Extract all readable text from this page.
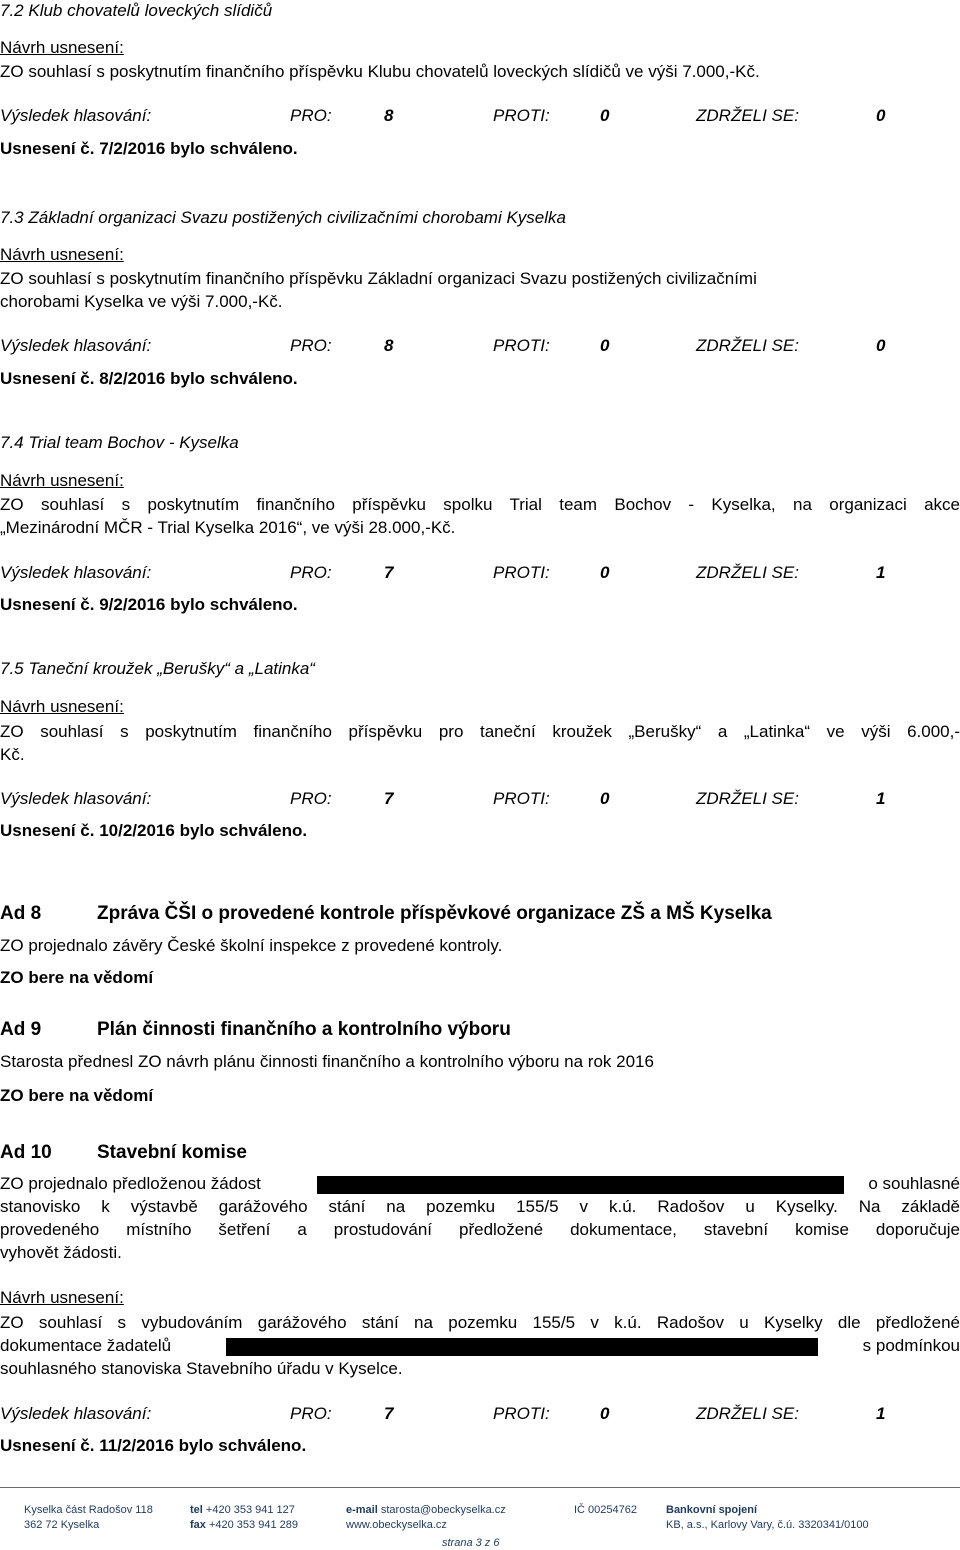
7.2 Klub chovatelů loveckých slídičů
Návrh usnesení:
ZO souhlasí s poskytnutím finančního příspěvku Klubu chovatelů loveckých slídičů ve výši 7.000,-Kč.
Výsledek hlasování:	PRO:	8	PROTI:	0	ZDRŽELI SE:	0
Usnesení č. 7/2/2016 bylo schváleno.
7.3 Základní organizaci Svazu postižených civilizačními chorobami Kyselka
Návrh usnesení:
ZO souhlasí s poskytnutím finančního příspěvku Základní organizaci Svazu postižených civilizačními
chorobami Kyselka ve výši 7.000,-Kč.
Výsledek hlasování:	PRO:	8	PROTI:	0	ZDRŽELI SE:	0
Usnesení č. 8/2/2016 bylo schváleno.
7.4 Trial team Bochov - Kyselka
Návrh usnesení:
ZO souhlasí s poskytnutím finančního příspěvku spolku Trial team Bochov - Kyselka, na organizaci akce
„Mezinárodní MČR - Trial Kyselka 2016“, ve výši 28.000,-Kč.
Výsledek hlasování:	PRO:	7	PROTI:	0	ZDRŽELI SE:	1
Usnesení č. 9/2/2016 bylo schváleno.
7.5 Taneční kroužek „Berušky“ a „Latinka“
Návrh usnesení:
ZO souhlasí s poskytnutím finančního příspěvku pro taneční kroužek „Berušky“ a „Latinka“ ve výši 6.000,-
Kč.
Výsledek hlasování:	PRO:	7	PROTI:	0	ZDRŽELI SE:	1
Usnesení č. 10/2/2016 bylo schváleno.
Ad 8	Zpráva ČŠI o provedené kontrole příspěvkové organizace ZŠ a MŠ Kyselka
ZO projednalo závěry České školní inspekce z provedené kontroly.
ZO bere na vědomí
Ad 9	Plán činnosti finančního a kontrolního výboru
Starosta přednesl ZO návrh plánu činnosti finančního a kontrolního výboru na rok 2016
ZO bere na vědomí
Ad 10 Stavební komise
ZO projednalo předloženou žádost	o souhlasné
stanovisko k výstavbě garážového stání na pozemku 155/5 v k.ú. Radošov u Kyselky. Na základě
provedeného místního šetření a prostudování předložené dokumentace, stavební komise doporučuje
vyhovět žádosti.
Návrh usnesení:
ZO souhlasí s vybudováním garážového stání na pozemku 155/5 v k.ú. Radošov u Kyselky dle předložené
dokumentace žadatelů	s podmínkou
souhlasného stanoviska Stavebního úřadu v Kyselce.
Výsledek hlasování:	PRO:	7	PROTI:	0	ZDRŽELI SE:	1
Usnesení č. 11/2/2016 bylo schváleno.
Kyselka část Radošov 118
362 72 Kyselka
tel +420 353 941 127
fax +420 353 941 289
e-mail starosta@obeckyselka.cz
www.obeckyselka.cz
IČ 00254762	Bankovní spojení
KB, a.s., Karlovy Vary, č.ú. 3320341/0100
strana 3 z 6
